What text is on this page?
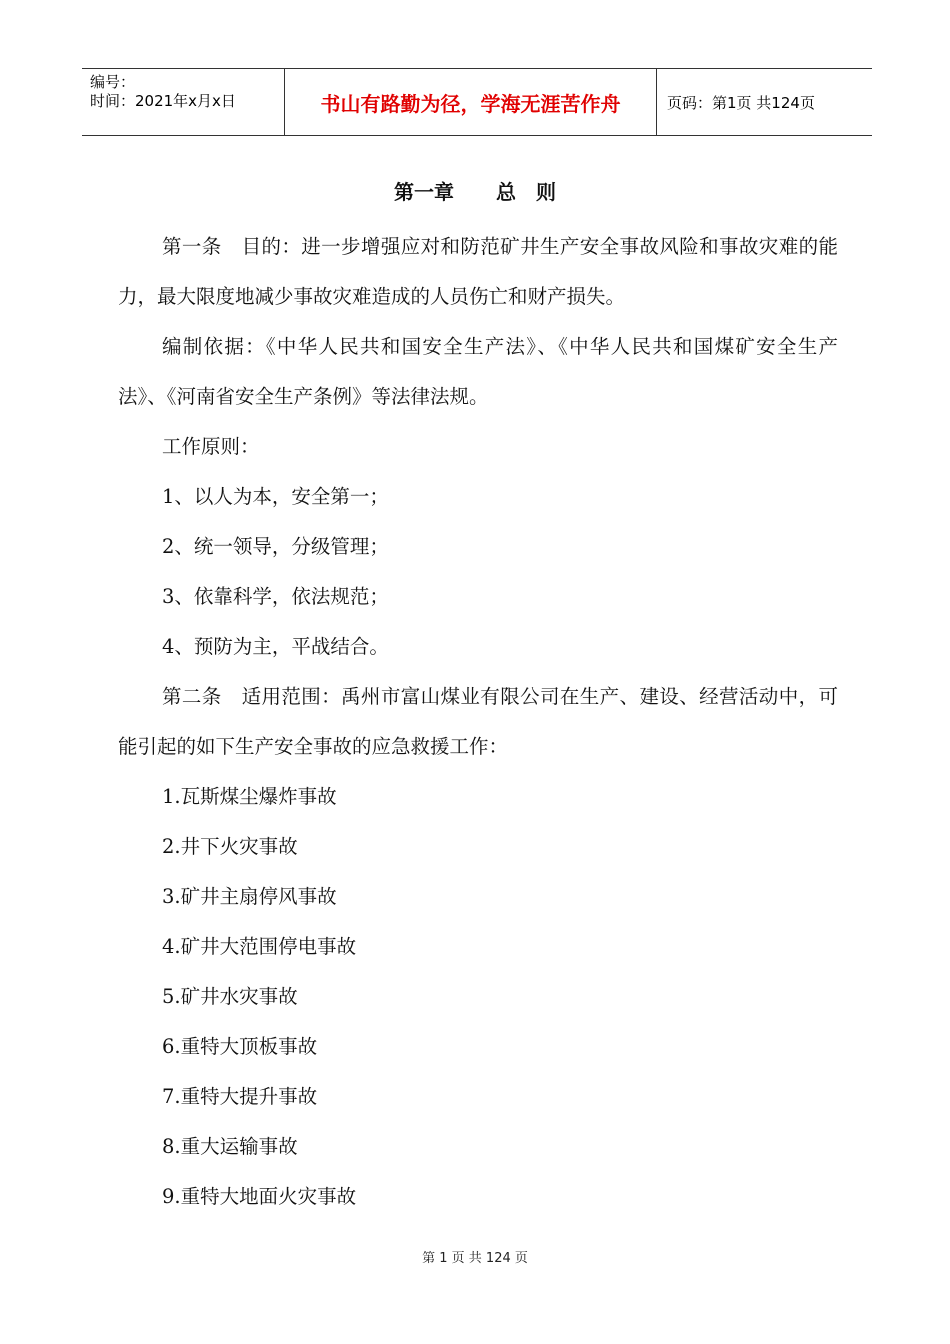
编号：
时间：2021年x月x日	书山有路勤为径，学海无涯苦作舟	页码：第1页 共124页
第一章 总　则

第一条　目的：进一步增强应对和防范矿井生产安全事故风险和事故灾难的能力，最大限度地减少事故灾难造成的人员伤亡和财产损失。

编制依据：《中华人民共和国安全生产法》、《中华人民共和国煤矿安全生产法》、《河南省安全生产条例》等法律法规。

工作原则：

1、以人为本，安全第一；
2、统一领导，分级管理；
3、依靠科学，依法规范；
4、预防为主，平战结合。

第二条　适用范围：禹州市富山煤业有限公司在生产、建设、经营活动中，可能引起的如下生产安全事故的应急救援工作：

1.瓦斯煤尘爆炸事故
2.井下火灾事故
3.矿井主扇停风事故
4.矿井大范围停电事故
5.矿井水灾事故
6.重特大顶板事故
7.重特大提升事故
8.重大运输事故
9.重特大地面火灾事故
第 1 页 共 124 页
